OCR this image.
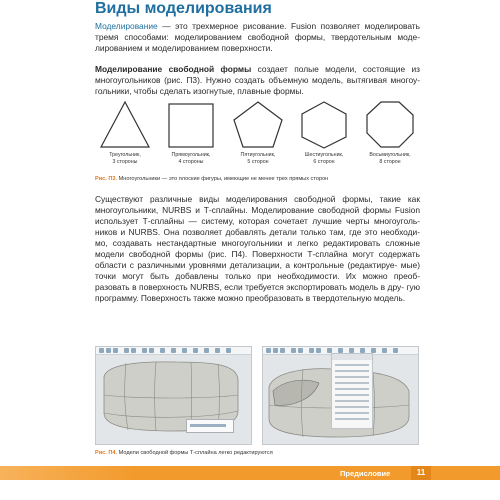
Виды моделирования
Моделирование — это трехмерное рисование. Fusion позволяет моделировать тремя способами: моделированием свободной формы, твердотельным моде- лированием и моделированием поверхности.
Моделирование свободной формы создает полые модели, состоящие из многоугольников (рис. П3). Нужно создать объемную модель, вытягивая многоу- гольники, чтобы сделать изогнутые, плавные формы.
Треугольник,
3 стороны
Прямоугольник,
4 стороны
Пятиугольник,
5 сторон
Шестиугольник,
6 сторон
Восьмиугольник,
8 сторон
Рис. П3. Многоугольники — это плоские фигуры, имеющие не менее трех прямых сторон
Существуют различные виды моделирования свободной формы, такие как многоугольники, NURBS и Т-сплайны. Моделирование свободной формы Fusion использует Т-сплайны — систему, которая сочетает лучшие черты многоуголь- ников и NURBS. Она позволяет добавлять детали только там, где это необходи- мо, создавать нестандартные многоугольники и легко редактировать сложные модели свободной формы (рис. П4). Поверхности Т-сплайна могут содержать области с различными уровнями детализации, а контрольные (редактируе- мые) точки могут быть добавлены только при необходимости. Их можно преоб- разовать в поверхность NURBS, если требуется экспортировать модель в дру- гую программу. Поверхность также можно преобразовать в твердотельную модель.
Рис. П4. Модели свободной формы Т-сплайна легко редактируются
Предисловие	11
